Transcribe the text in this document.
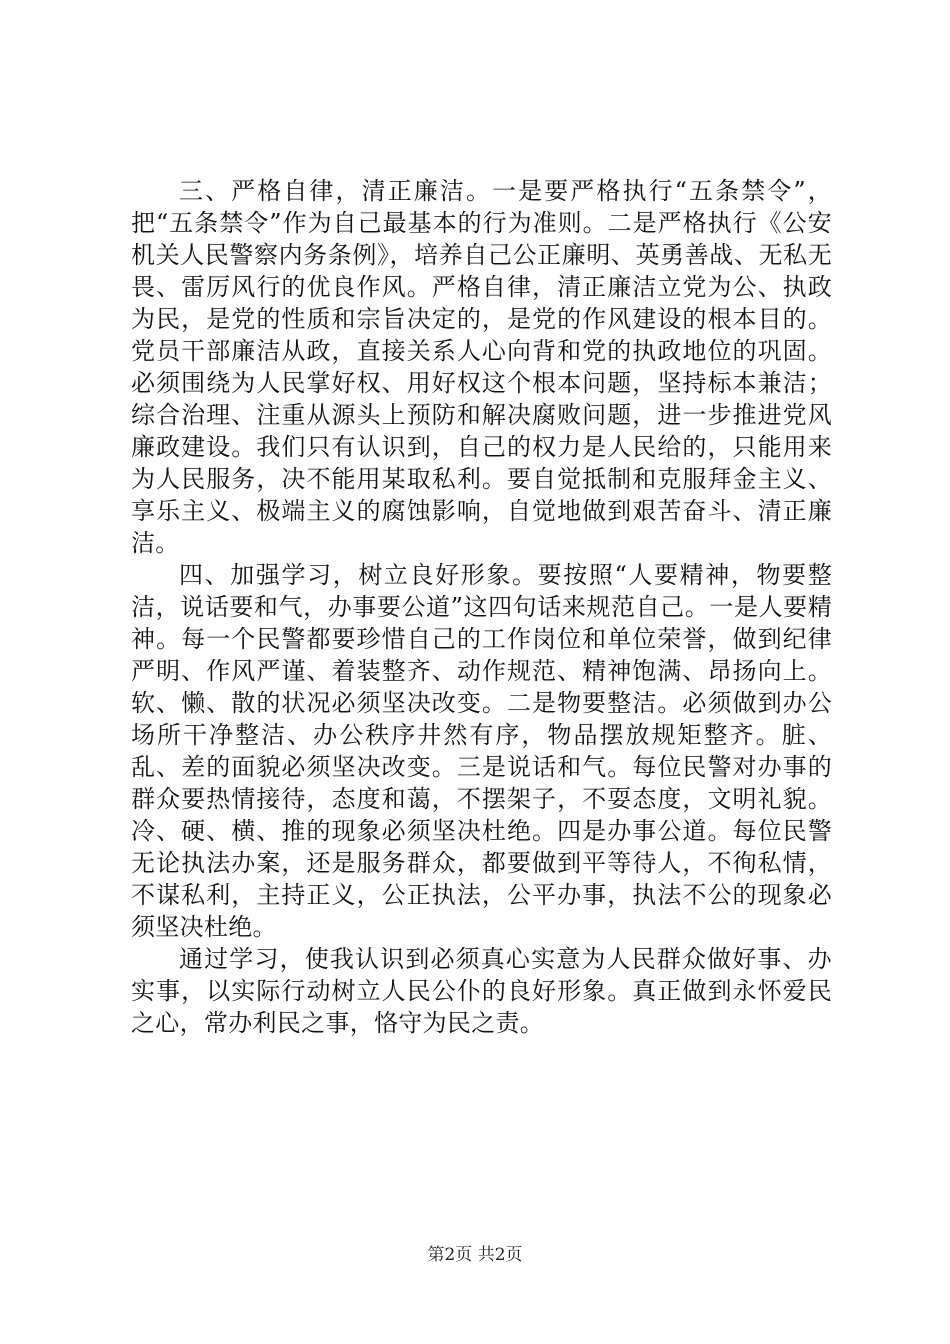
三、严格自律，清正廉洁。一是要严格执行“五条禁令”，把“五条禁令”作为自己最基本的行为准则。二是严格执行《公安机关人民警察内务条例》，培养自己公正廉明、英勇善战、无私无畏、雷厉风行的优良作风。严格自律，清正廉洁立党为公、执政为民，是党的性质和宗旨决定的，是党的作风建设的根本目的。党员干部廉洁从政，直接关系人心向背和党的执政地位的巩固。必须围绕为人民掌好权、用好权这个根本问题，坚持标本兼洁；综合治理、注重从源头上预防和解决腐败问题，进一步推进党风廉政建设。我们只有认识到，自己的权力是人民给的，只能用来为人民服务，决不能用某取私利。要自觉抵制和克服拜金主义、享乐主义、极端主义的腐蚀影响，自觉地做到艰苦奋斗、清正廉洁。

四、加强学习，树立良好形象。要按照“人要精神，物要整洁，说话要和气，办事要公道”这四句话来规范自己。一是人要精神。每一个民警都要珍惜自己的工作岗位和单位荣誉，做到纪律严明、作风严谨、着装整齐、动作规范、精神饱满、昂扬向上。软、懒、散的状况必须坚决改变。二是物要整洁。必须做到办公场所干净整洁、办公秩序井然有序，物品摆放规矩整齐。脏、乱、差的面貌必须坚决改变。三是说话和气。每位民警对办事的群众要热情接待，态度和蔼，不摆架子，不耍态度，文明礼貌。冷、硬、横、推的现象必须坚决杜绝。四是办事公道。每位民警无论执法办案，还是服务群众，都要做到平等待人，不徇私情，不谋私利，主持正义，公正执法，公平办事，执法不公的现象必须坚决杜绝。

通过学习，使我认识到必须真心实意为人民群众做好事、办实事，以实际行动树立人民公仆的良好形象。真正做到永怀爱民之心，常办利民之事，恪守为民之责。

第2页 共2页
